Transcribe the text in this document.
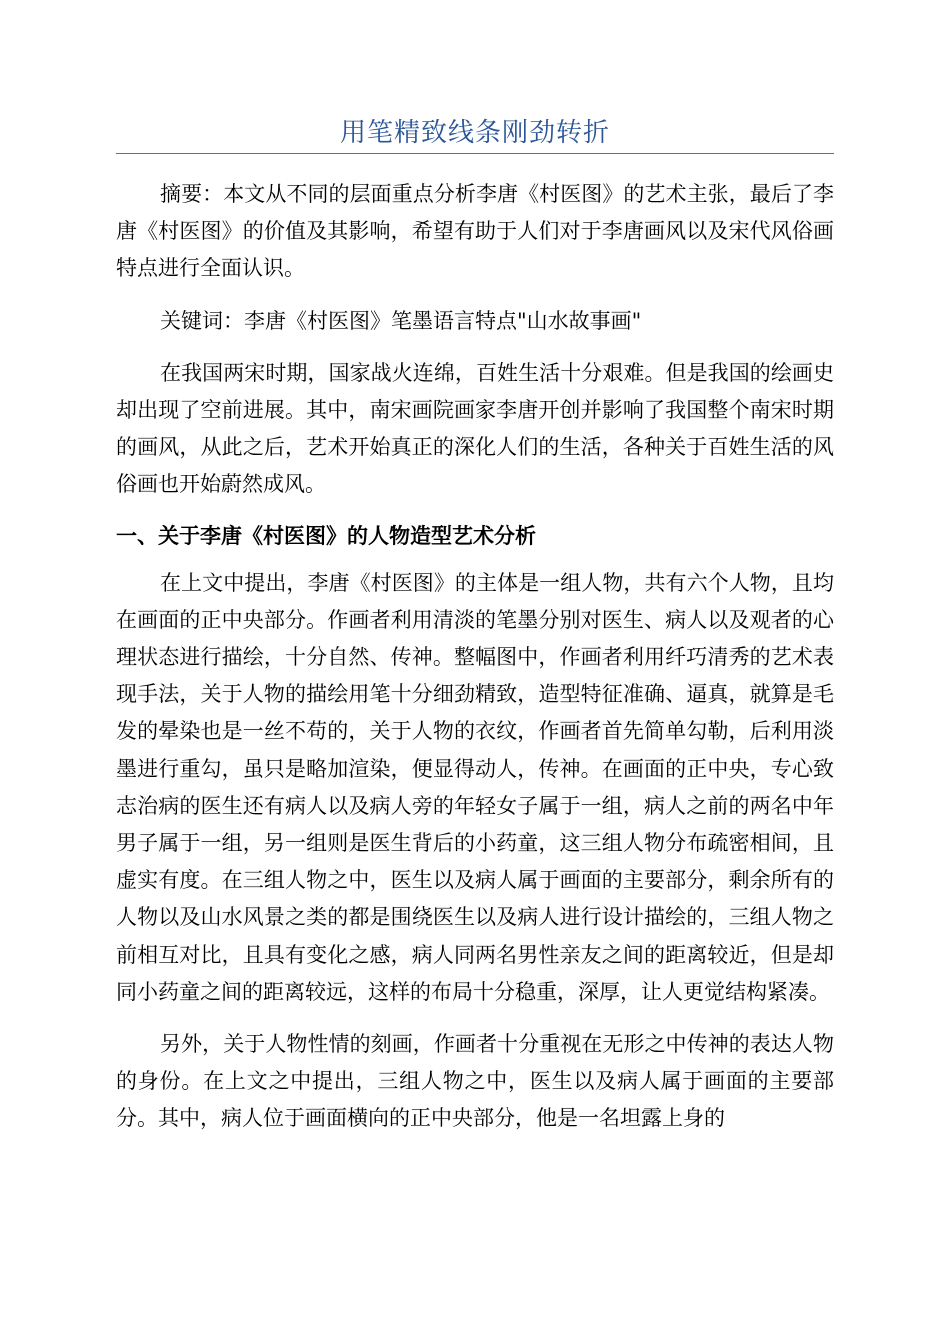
用笔精致线条刚劲转折

摘要：本文从不同的层面重点分析李唐《村医图》的艺术主张，最后了李唐《村医图》的价值及其影响，希望有助于人们对于李唐画风以及宋代风俗画特点进行全面认识。

关键词：李唐《村医图》笔墨语言特点"山水故事画"

在我国两宋时期，国家战火连绵，百姓生活十分艰难。但是我国的绘画史却出现了空前进展。其中，南宋画院画家李唐开创并影响了我国整个南宋时期的画风，从此之后，艺术开始真正的深化人们的生活，各种关于百姓生活的风俗画也开始蔚然成风。

一、关于李唐《村医图》的人物造型艺术分析

在上文中提出，李唐《村医图》的主体是一组人物，共有六个人物，且均在画面的正中央部分。作画者利用清淡的笔墨分别对医生、病人以及观者的心理状态进行描绘，十分自然、传神。整幅图中，作画者利用纤巧清秀的艺术表现手法，关于人物的描绘用笔十分细劲精致，造型特征准确、逼真，就算是毛发的晕染也是一丝不苟的，关于人物的衣纹，作画者首先简单勾勒，后利用淡墨进行重勾，虽只是略加渲染，便显得动人，传神。在画面的正中央，专心致志治病的医生还有病人以及病人旁的年轻女子属于一组，病人之前的两名中年男子属于一组，另一组则是医生背后的小药童，这三组人物分布疏密相间，且虚实有度。在三组人物之中，医生以及病人属于画面的主要部分，剩余所有的人物以及山水风景之类的都是围绕医生以及病人进行设计描绘的，三组人物之前相互对比，且具有变化之感，病人同两名男性亲友之间的距离较近，但是却同小药童之间的距离较远，这样的布局十分稳重，深厚，让人更觉结构紧凑。

另外，关于人物性情的刻画，作画者十分重视在无形之中传神的表达人物的身份。在上文之中提出，三组人物之中，医生以及病人属于画面的主要部分。其中，病人位于画面横向的正中央部分，他是一名坦露上身的
